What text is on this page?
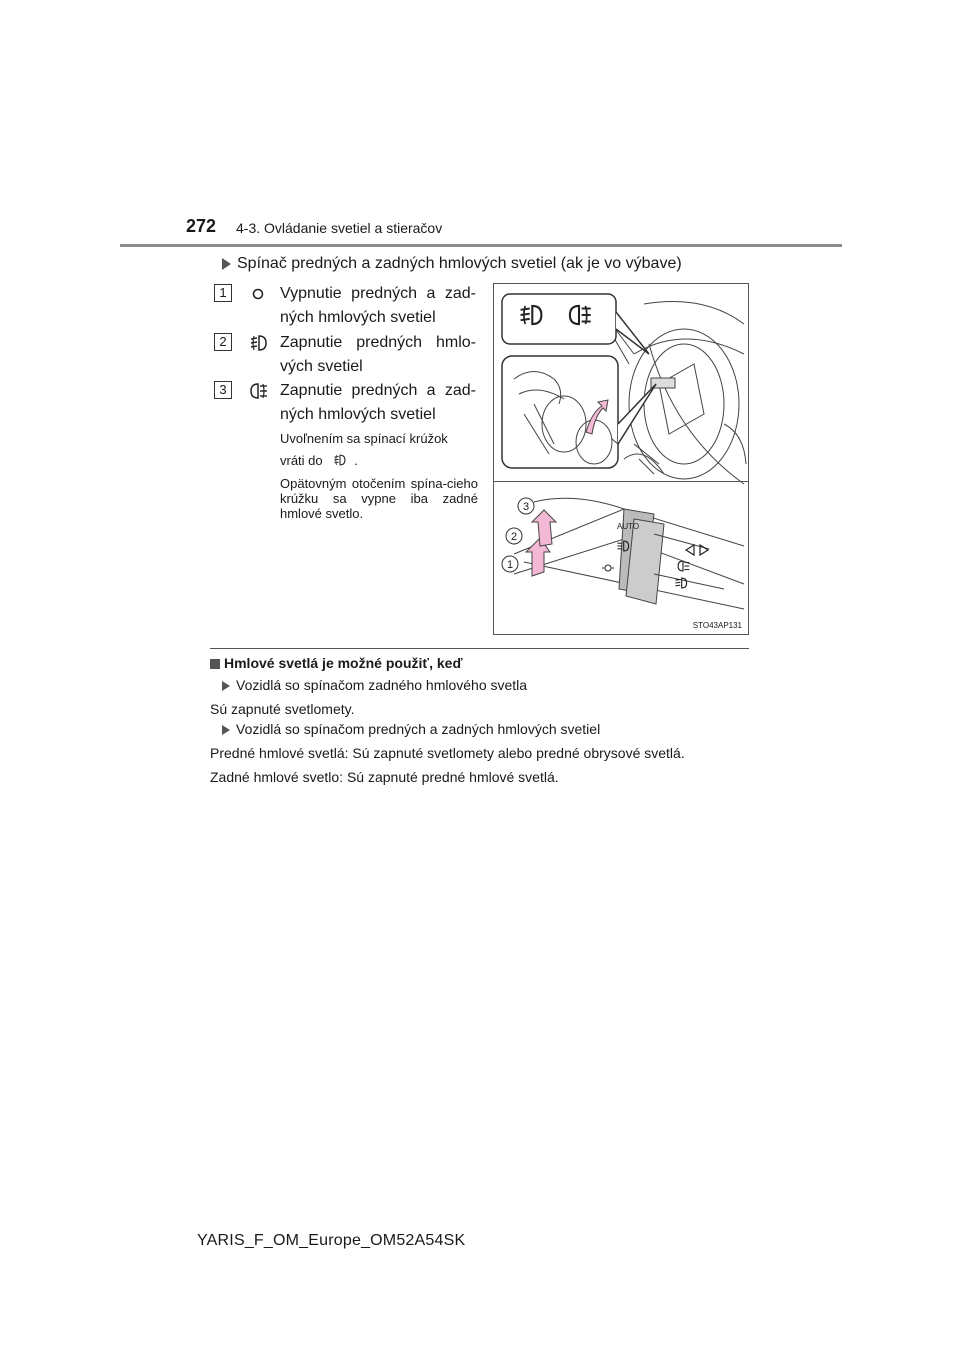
272 4-3. Ovládanie svetiel a stieračov
Spínač predných a zadných hmlových svetiel (ak je vo výbave)
1	Vypnutie predných a zad-ných hmlových svetiel
2	Zapnutie predných hmlo-vých svetiel
3	Zapnutie predných a zad-ných hmlových svetiel
Uvoľnením sa spínací krúžok
vráti do .
Opätovným otočením spína-cieho krúžku sa vypne iba zadné hmlové svetlo.
AUTO
1
2
3
STO43AP131
Hmlové svetlá je možné použiť, keď
Vozidlá so spínačom zadného hmlového svetla
Sú zapnuté svetlomety.
Vozidlá so spínačom predných a zadných hmlových svetiel
Predné hmlové svetlá: Sú zapnuté svetlomety alebo predné obrysové svetlá.
Zadné hmlové svetlo: Sú zapnuté predné hmlové svetlá.
YARIS_F_OM_Europe_OM52A54SK
